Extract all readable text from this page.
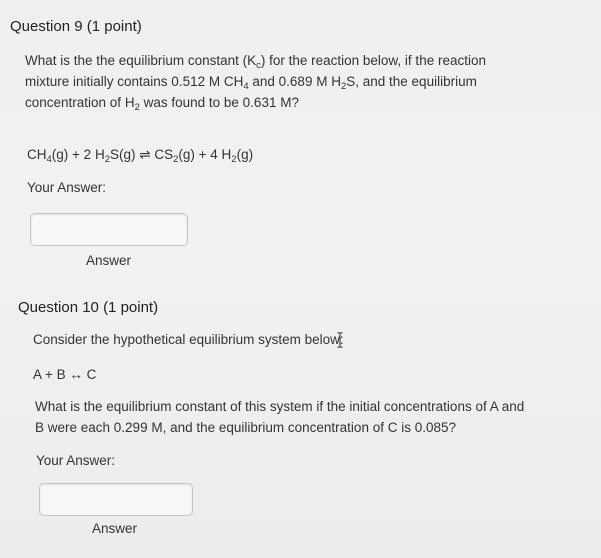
Question 9 (1 point)
What is the the equilibrium constant $(K_c)$ for the reaction below, if the reaction
mixture initially contains 0.512 M $CH_4$ and 0.689 M $H_2S$, and the equilibrium
concentration of $H_2$ was found to be 0.631 M?
$CH_4(g) + 2$ $H_2S(g)$ ⇌ $CS_2(g) + 4$ $H_2(g)$
Your Answer:
Answer
Question 10 (1 point)
Consider the hypothetical equilibrium system below:
A + B ↔ C
What is the equilibrium constant of this system if the initial concentrations of A and
B were each 0.299 M, and the equilibrium concentration of C is 0.085?
Your Answer:
Answer
